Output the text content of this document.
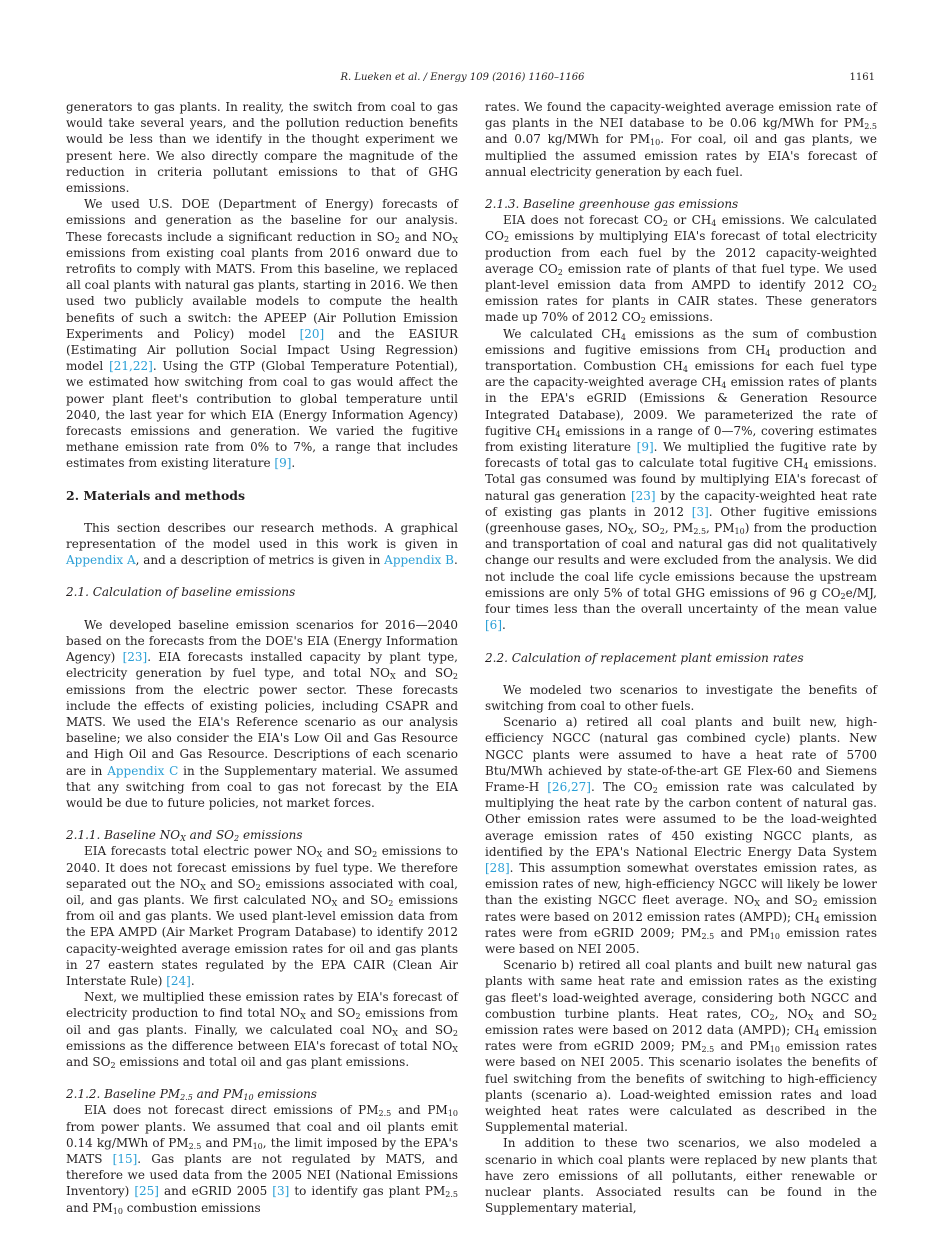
R. Lueken et al. / Energy 109 (2016) 1160–1166	1161

generators to gas plants. In reality, the switch from coal to gas would take several years, and the pollution reduction benefits would be less than we identify in the thought experiment we present here. We also directly compare the magnitude of the reduction in criteria pollutant emissions to that of GHG emissions.

We used U.S. DOE (Department of Energy) forecasts of emissions and generation as the baseline for our analysis. These forecasts include a significant reduction in $SO_2$ and $NO_X$ emissions from existing coal plants from 2016 onward due to retrofits to comply with MATS. From this baseline, we replaced all coal plants with natural gas plants, starting in 2016. We then used two publicly available models to compute the health benefits of such a switch: the APEEP (Air Pollution Emission Experiments and Policy) model [20] and the EASIUR (Estimating Air pollution Social Impact Using Regression) model [21,22]. Using the GTP (Global Temperature Potential), we estimated how switching from coal to gas would affect the power plant fleet's contribution to global temperature until 2040, the last year for which EIA (Energy Information Agency) forecasts emissions and generation. We varied the fugitive methane emission rate from 0% to 7%, a range that includes estimates from existing literature [9].

2. Materials and methods

This section describes our research methods. A graphical representation of the model used in this work is given in Appendix A, and a description of metrics is given in Appendix B.

2.1. Calculation of baseline emissions

We developed baseline emission scenarios for 2016—2040 based on the forecasts from the DOE's EIA (Energy Information Agency) [23]. EIA forecasts installed capacity by plant type, electricity generation by fuel type, and total $NO_X$ and $SO_2$ emissions from the electric power sector. These forecasts include the effects of existing policies, including CSAPR and MATS. We used the EIA's Reference scenario as our analysis baseline; we also consider the EIA's Low Oil and Gas Resource and High Oil and Gas Resource. Descriptions of each scenario are in Appendix C in the Supplementary material. We assumed that any switching from coal to gas not forecast by the EIA would be due to future policies, not market forces.

2.1.1. Baseline $NO_X$ and $SO_2$ emissions

EIA forecasts total electric power $NO_X$ and $SO_2$ emissions to 2040. It does not forecast emissions by fuel type. We therefore separated out the $NO_X$ and $SO_2$ emissions associated with coal, oil, and gas plants. We first calculated $NO_X$ and $SO_2$ emissions from oil and gas plants. We used plant-level emission data from the EPA AMPD (Air Market Program Database) to identify 2012 capacity-weighted average emission rates for oil and gas plants in 27 eastern states regulated by the EPA CAIR (Clean Air Interstate Rule) [24].

Next, we multiplied these emission rates by EIA's forecast of electricity production to find total $NO_X$ and $SO_2$ emissions from oil and gas plants. Finally, we calculated coal $NO_X$ and $SO_2$ emissions as the difference between EIA's forecast of total $NO_X$ and $SO_2$ emissions and total oil and gas plant emissions.

2.1.2. Baseline $PM_{2.5}$ and $PM_{10}$ emissions

EIA does not forecast direct emissions of $PM_{2.5}$ and $PM_{10}$ from power plants. We assumed that coal and oil plants emit 0.14 kg/MWh of $PM_{2.5}$ and $PM_{10}$, the limit imposed by the EPA's MATS [15]. Gas plants are not regulated by MATS, and therefore we used data from the 2005 NEI (National Emissions Inventory) [25] and eGRID 2005 [3] to identify gas plant $PM_{2.5}$ and $PM_{10}$ combustion emissions

rates. We found the capacity-weighted average emission rate of gas plants in the NEI database to be 0.06 kg/MWh for $PM_{2.5}$ and 0.07 kg/MWh for $PM_{10}$. For coal, oil and gas plants, we multiplied the assumed emission rates by EIA's forecast of annual electricity generation by each fuel.

2.1.3. Baseline greenhouse gas emissions

EIA does not forecast $CO_2$ or $CH_4$ emissions. We calculated $CO_2$ emissions by multiplying EIA's forecast of total electricity production from each fuel by the 2012 capacity-weighted average $CO_2$ emission rate of plants of that fuel type. We used plant-level emission data from AMPD to identify 2012 $CO_2$ emission rates for plants in CAIR states. These generators made up 70% of 2012 $CO_2$ emissions.

We calculated $CH_4$ emissions as the sum of combustion emissions and fugitive emissions from $CH_4$ production and transportation. Combustion $CH_4$ emissions for each fuel type are the capacity-weighted average $CH_4$ emission rates of plants in the EPA's eGRID (Emissions & Generation Resource Integrated Database), 2009. We parameterized the rate of fugitive $CH_4$ emissions in a range of 0—7%, covering estimates from existing literature [9]. We multiplied the fugitive rate by forecasts of total gas to calculate total fugitive $CH_4$ emissions. Total gas consumed was found by multiplying EIA's forecast of natural gas generation [23] by the capacity-weighted heat rate of existing gas plants in 2012 [3]. Other fugitive emissions (greenhouse gases, $NO_X$, $SO_2$, $PM_{2.5}$, $PM_{10}$) from the production and transportation of coal and natural gas did not qualitatively change our results and were excluded from the analysis. We did not include the coal life cycle emissions because the upstream emissions are only 5% of total GHG emissions of 96 g $CO_2e/MJ$, four times less than the overall uncertainty of the mean value [6].

2.2. Calculation of replacement plant emission rates

We modeled two scenarios to investigate the benefits of switching from coal to other fuels.

Scenario a) retired all coal plants and built new, high-efficiency NGCC (natural gas combined cycle) plants. New NGCC plants were assumed to have a heat rate of 5700 Btu/MWh achieved by state-of-the-art GE Flex-60 and Siemens Frame-H [26,27]. The $CO_2$ emission rate was calculated by multiplying the heat rate by the carbon content of natural gas. Other emission rates were assumed to be the load-weighted average emission rates of 450 existing NGCC plants, as identified by the EPA's National Electric Energy Data System [28]. This assumption somewhat overstates emission rates, as emission rates of new, high-efficiency NGCC will likely be lower than the existing NGCC fleet average. $NO_X$ and $SO_2$ emission rates were based on 2012 emission rates (AMPD); $CH_4$ emission rates were from eGRID 2009; $PM_{2.5}$ and $PM_{10}$ emission rates were based on NEI 2005.

Scenario b) retired all coal plants and built new natural gas plants with same heat rate and emission rates as the existing gas fleet's load-weighted average, considering both NGCC and combustion turbine plants. Heat rates, $CO_2$, $NO_X$ and $SO_2$ emission rates were based on 2012 data (AMPD); $CH_4$ emission rates were from eGRID 2009; $PM_{2.5}$ and $PM_{10}$ emission rates were based on NEI 2005. This scenario isolates the benefits of fuel switching from the benefits of switching to high-efficiency plants (scenario a). Load-weighted emission rates and load weighted heat rates were calculated as described in the Supplemental material.

In addition to these two scenarios, we also modeled a scenario in which coal plants were replaced by new plants that have zero emissions of all pollutants, either renewable or nuclear plants. Associated results can be found in the Supplementary material,
